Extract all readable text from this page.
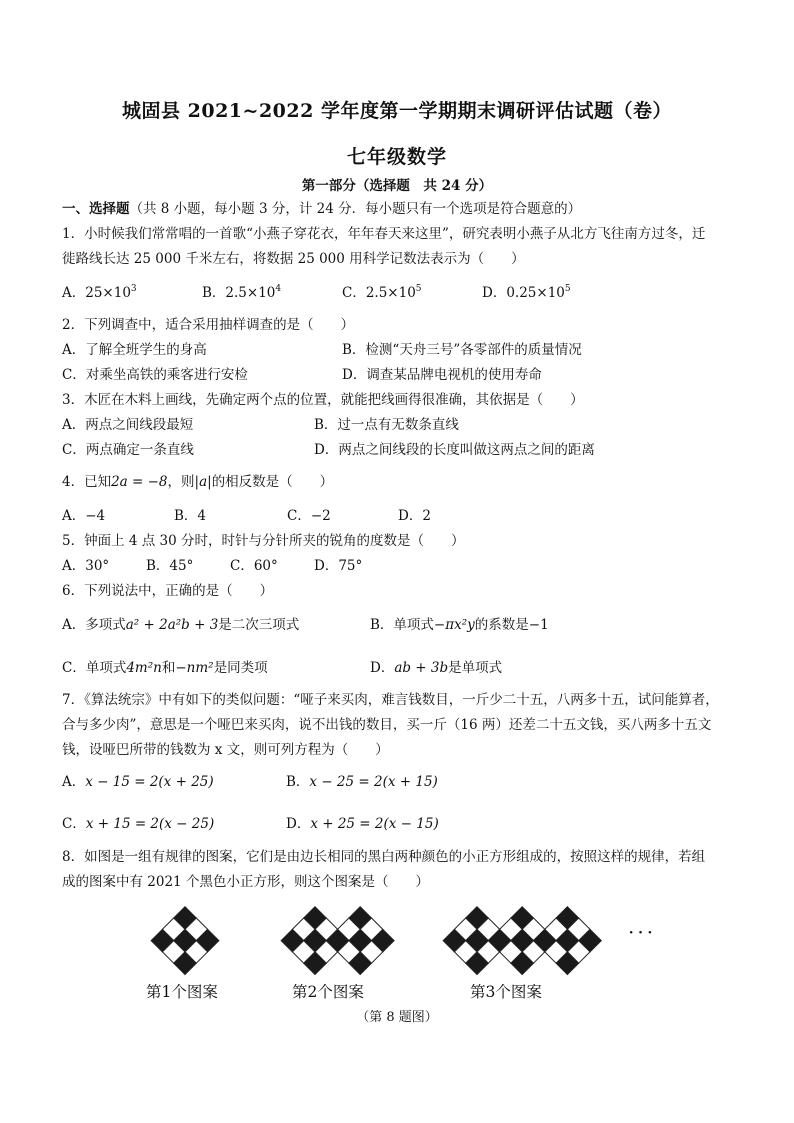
城固县 2021~2022 学年度第一学期期末调研评估试题（卷）
七年级数学
第一部分（选择题　共 24 分）
一、选择题（共 8 小题，每小题 3 分，计 24 分．每小题只有一个选项是符合题意的）
1．小时候我们常常唱的一首歌“小燕子穿花衣，年年春天来这里”，研究表明小燕子从北方飞往南方过冬，迁
徙路线长达 25 000 千米左右，将数据 25 000 用科学记数法表示为（　　）
A．$25\times 10^3$	B．$2.5\times 10^4$	C．$2.5\times 10^5$	D．$0.25\times 10^5$
2．下列调查中，适合采用抽样调查的是（　　）
A．了解全班学生的身高	B．检测“天舟三号”各零部件的质量情况
C．对乘坐高铁的乘客进行安检	D．调查某品牌电视机的使用寿命
3．木匠在木料上画线，先确定两个点的位置，就能把线画得很准确，其依据是（　　）
A．两点之间线段最短	B．过一点有无数条直线
C．两点确定一条直线	D．两点之间线段的长度叫做这两点之间的距离
4．已知2a = −8，则|a|的相反数是（　　）
A．−4	B．4	C．−2	D．2
5．钟面上 4 点 30 分时，时针与分针所夹的锐角的度数是（　　）
A．30°	B．45°	C．60°	D．75°
6．下列说法中，正确的是（　　）
A．多项式a² + 2a²b + 3是二次三项式	B．单项式−πx²y的系数是−1
C．单项式4m²n和−nm²是同类项	D．ab + 3b是单项式
7．《算法统宗》中有如下的类似问题：“哑子来买肉，难言钱数目，一斤少二十五，八两多十五，试问能算者，
合与多少肉”，意思是一个哑巴来买肉，说不出钱的数目，买一斤（16 两）还差二十五文钱，买八两多十五文
钱，设哑巴所带的钱数为 x 文，则可列方程为（　　）
A．x − 15 = 2(x + 25)	B．x − 25 = 2(x + 15)
C．x + 15 = 2(x − 25)	D．x + 25 = 2(x − 15)
8．如图是一组有规律的图案，它们是由边长相同的黑白两种颜色的小正方形组成的，按照这样的规律，若组
成的图案中有 2021 个黑色小正方形，则这个图案是（　　）
···
第1个图案	第2个图案	第3个图案
（第 8 题图）
